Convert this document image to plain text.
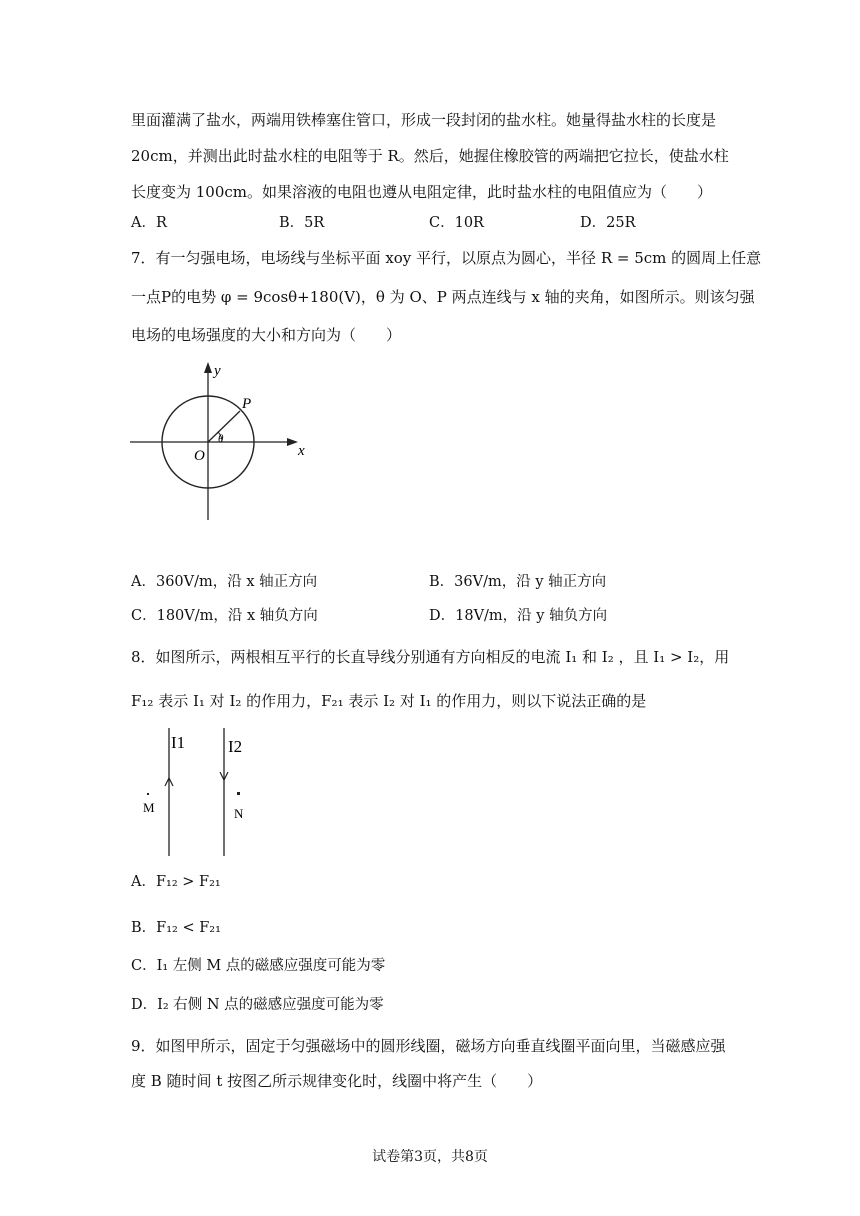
里面灌满了盐水，两端用铁棒塞住管口，形成一段封闭的盐水柱。她量得盐水柱的长度是
20cm，并测出此时盐水柱的电阻等于 R。然后，她握住橡胶管的两端把它拉长，使盐水柱
长度变为 100cm。如果溶液的电阻也遵从电阻定律，此时盐水柱的电阻值应为（　　）
A．R	B．5R	C．10R	D．25R
7．有一匀强电场，电场线与坐标平面 xoy 平行，以原点为圆心，半径 R = 5cm 的圆周上任意
一点P的电势 φ = 9cosθ+180(V)，θ 为 O、P 两点连线与 x 轴的夹角，如图所示。则该匀强
电场的电场强度的大小和方向为（　　）
y
x
O
P
θ
A．360V/m，沿 x 轴正方向	B．36V/m，沿 y 轴正方向
C．180V/m，沿 x 轴负方向	D．18V/m，沿 y 轴负方向
8．如图所示，两根相互平行的长直导线分别通有方向相反的电流 I₁ 和 I₂ ，且 I₁ > I₂，用
F₁₂ 表示 I₁ 对 I₂ 的作用力，F₂₁ 表示 I₂ 对 I₁ 的作用力，则以下说法正确的是
I1	I2
M	N
A．F₁₂ > F₂₁
B．F₁₂ < F₂₁
C．I₁ 左侧 M 点的磁感应强度可能为零
D．I₂ 右侧 N 点的磁感应强度可能为零
9．如图甲所示，固定于匀强磁场中的圆形线圈，磁场方向垂直线圈平面向里，当磁感应强
度 B 随时间 t 按图乙所示规律变化时，线圈中将产生（　　）
试卷第3页，共8页
